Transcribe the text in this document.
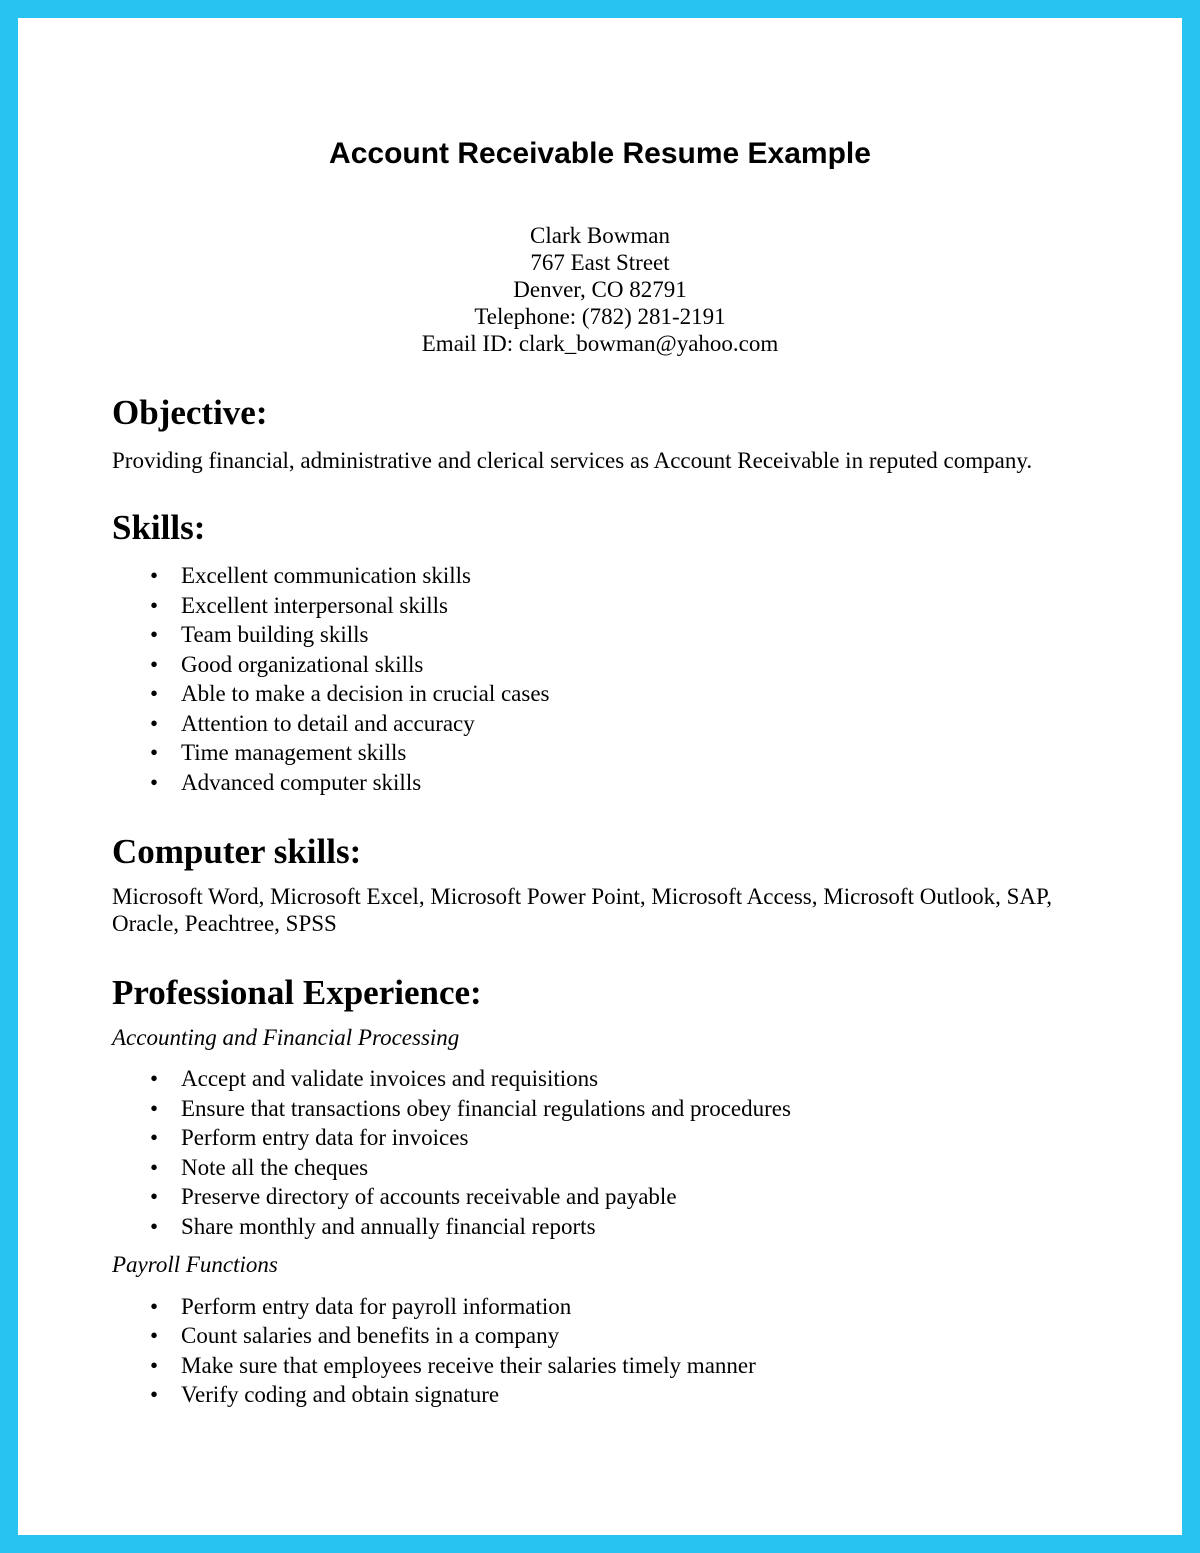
Account Receivable Resume Example
Clark Bowman
767 East Street
Denver, CO 82791
Telephone: (782) 281-2191
Email ID: clark_bowman@yahoo.com
Objective:
Providing financial, administrative and clerical services as Account Receivable in reputed company.
Skills:
• Excellent communication skills
• Excellent interpersonal skills
• Team building skills
• Good organizational skills
• Able to make a decision in crucial cases
• Attention to detail and accuracy
• Time management skills
• Advanced computer skills
Computer skills:
Microsoft Word, Microsoft Excel, Microsoft Power Point, Microsoft Access, Microsoft Outlook, SAP, Oracle, Peachtree, SPSS
Professional Experience:
Accounting and Financial Processing
• Accept and validate invoices and requisitions
• Ensure that transactions obey financial regulations and procedures
• Perform entry data for invoices
• Note all the cheques
• Preserve directory of accounts receivable and payable
• Share monthly and annually financial reports
Payroll Functions
• Perform entry data for payroll information
• Count salaries and benefits in a company
• Make sure that employees receive their salaries timely manner
• Verify coding and obtain signature
